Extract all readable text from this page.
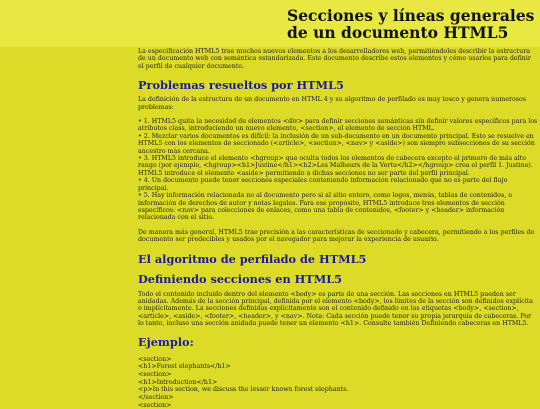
Secciones y líneas generales de un documento HTML5

La especificación HTML5 trae muchos nuevos elementos a los desarrolladores web, permitiéndoles describir la estructura de un documento web con semántica estandarizada. Este documento describe estos elementos y cómo usarlos para definir el perfil de cualquier documento.

Problemas resueltos por HTML5

La definición de la estructura de un documento en HTML 4 y su algoritmo de perfilado es muy tosco y genera numerosos problemas:

• 1. HTML5 quita la necesidad de elementos <div> para definir secciones semánticas sin definir valores específicos para los atributos class, introduciendo un nuevo elemento, <section>, el elemento de sección HTML.
• 2. Mezclar varios documentos es difícil: la inclusión de un sub-documento en un documento principal. Esto se resuelve en HTML5 con los elementos de seccionado (<article>, <section>, <nav> y <aside>) son siempre subsecciones de su sección ancestro más cercana.
• 3. HTML5 introduce el elemento <hgroup> que oculta todos los elementos de cabecera excepto el primero de más alto rango (por ejemplo, <hgroup><h1>Justine</h1><h2>Les Malheurs de la Vertu</h2></hgroup> crea el perfil 1. Justine).
HTML5 introduce el elemento <aside> permitiendo a dichas secciones no ser parte del perfil principal.
• 4. Un documento puede tener secciones especiales conteniendo información relacionado que no es parte del flujo principal.
• 5. Hay información relacionada no al documento pero si al sitio entero, como logos, menús, tablas de contenidos, o información de derechos de autor y notas legales. Para ese propósito, HTML5 introduce tres elementos de sección específicos: <nav> para colecciones de enlaces, como una tabla de contenidos, <footer> y <header> información relacionada con el sitio.

De manera más general, HTML5 trae precisión a las características de seccionado y cabecera, permitiendo a los perfiles de documento ser predecibles y usados por el navegador para mejorar la experiencia de usuario.

El algoritmo de perfilado de HTML5
Definiendo secciones en HTML5

Todo el contenido incluido dentro del elemento <body> es parte de una sección. Las secciones en HTML5 pueden ser anidadas. Además de la sección principal, definida por el elemento <body>, los límites de la sección son definidos explícita o implícitamente. La secciones definidas explícitamente son el contenido definido en las etiquetas <body>, <section>, <article>, <aside>, <footer>, <header>, y <nav>. Nota: Cada sección puede tener su propia jerarquía de cabeceras. Por lo tanto, incluso una sección anidada puede tener un elemento <h1>. Consulte también Definiendo cabeceras en HTML5.

Ejemplo:
<section>
<h1>Forest elephants</h1>
<section>
<h1>Introduction</h1>
<p>In this section, we discuss the lesser known forest elephants.
</section>
<section>
